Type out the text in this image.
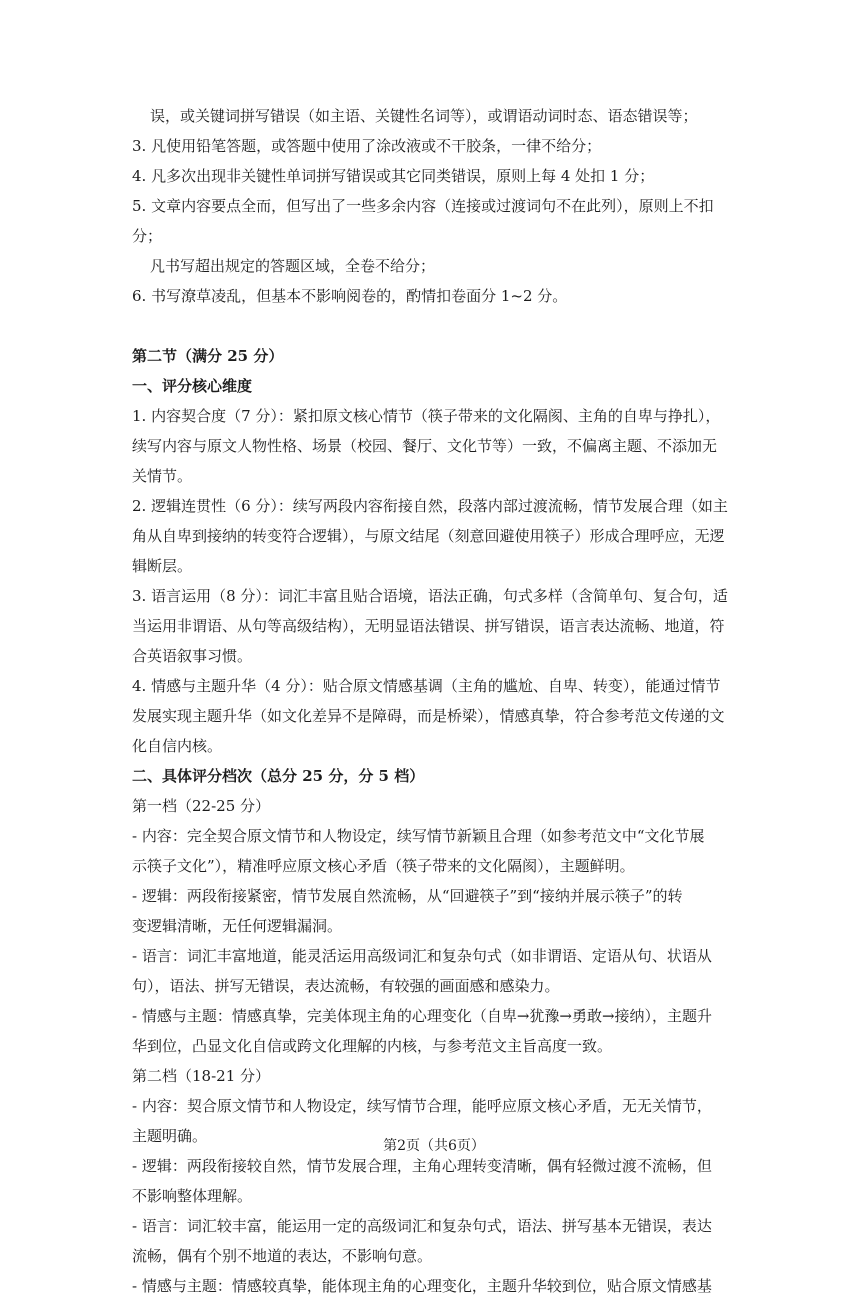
误，或关键词拼写错误（如主语、关键性名词等），或谓语动词时态、语态错误等；

3. 凡使用铅笔答题，或答题中使用了涂改液或不干胶条，一律不给分；

4. 凡多次出现非关键性单词拼写错误或其它同类错误，原则上每 4 处扣 1 分；

5. 文章内容要点全而，但写出了一些多余内容（连接或过渡词句不在此列），原则上不扣分；

凡书写超出规定的答题区域，全卷不给分；

6. 书写潦草凌乱，但基本不影响阅卷的，酌情扣卷面分 1~2 分。

第二节（满分 25 分）

一、评分核心维度

1. 内容契合度（7 分）：紧扣原文核心情节（筷子带来的文化隔阂、主角的自卑与挣扎），

续写内容与原文人物性格、场景（校园、餐厅、文化节等）一致，不偏离主题、不添加无

关情节。

2. 逻辑连贯性（6 分）：续写两段内容衔接自然，段落内部过渡流畅，情节发展合理（如主

角从自卑到接纳的转变符合逻辑），与原文结尾（刻意回避使用筷子）形成合理呼应，无逻

辑断层。

3. 语言运用（8 分）：词汇丰富且贴合语境，语法正确，句式多样（含简单句、复合句，适

当运用非谓语、从句等高级结构），无明显语法错误、拼写错误，语言表达流畅、地道，符

合英语叙事习惯。

4. 情感与主题升华（4 分）：贴合原文情感基调（主角的尴尬、自卑、转变），能通过情节

发展实现主题升华（如文化差异不是障碍，而是桥梁），情感真挚，符合参考范文传递的文

化自信内核。

二、具体评分档次（总分 25 分，分 5 档）

第一档（22-25 分）

- 内容：完全契合原文情节和人物设定，续写情节新颖且合理（如参考范文中“文化节展

示筷子文化”），精准呼应原文核心矛盾（筷子带来的文化隔阂），主题鲜明。

- 逻辑：两段衔接紧密，情节发展自然流畅，从“回避筷子”到“接纳并展示筷子”的转

变逻辑清晰，无任何逻辑漏洞。

- 语言：词汇丰富地道，能灵活运用高级词汇和复杂句式（如非谓语、定语从句、状语从

句），语法、拼写无错误，表达流畅，有较强的画面感和感染力。

- 情感与主题：情感真挚，完美体现主角的心理变化（自卑→犹豫→勇敢→接纳），主题升

华到位，凸显文化自信或跨文化理解的内核，与参考范文主旨高度一致。

第二档（18-21 分）

- 内容：契合原文情节和人物设定，续写情节合理，能呼应原文核心矛盾，无无关情节，

主题明确。

- 逻辑：两段衔接较自然，情节发展合理，主角心理转变清晰，偶有轻微过渡不流畅，但

不影响整体理解。

- 语言：词汇较丰富，能运用一定的高级词汇和复杂句式，语法、拼写基本无错误，表达

流畅，偶有个别不地道的表达，不影响句意。

- 情感与主题：情感较真挚，能体现主角的心理变化，主题升华较到位，贴合原文情感基

第2页（共6页）
